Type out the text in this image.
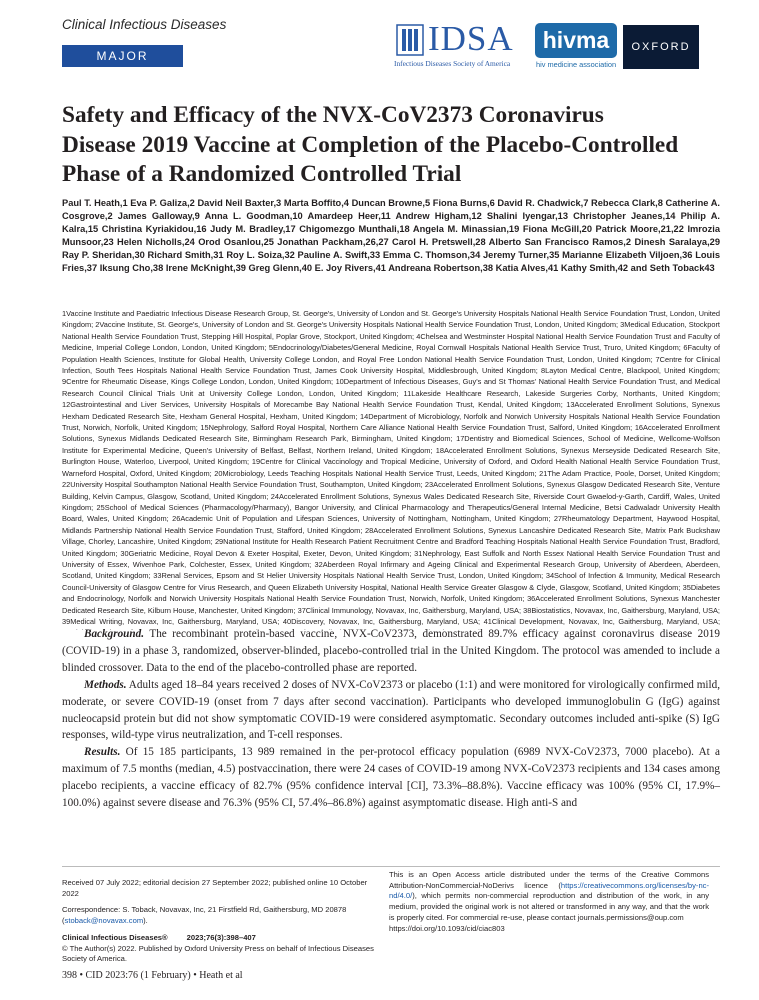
Clinical Infectious Diseases
MAJOR ARTICLE
IDSA
Infectious Diseases Society of America
hivma
hiv medicine association
OXFORD
Safety and Efficacy of the NVX-CoV2373 Coronavirus Disease 2019 Vaccine at Completion of the Placebo-Controlled Phase of a Randomized Controlled Trial
Paul T. Heath,1 Eva P. Galiza,2 David Neil Baxter,3 Marta Boffito,4 Duncan Browne,5 Fiona Burns,6 David R. Chadwick,7 Rebecca Clark,8 Catherine A. Cosgrove,2 James Galloway,9 Anna L. Goodman,10 Amardeep Heer,11 Andrew Higham,12 Shalini Iyengar,13 Christopher Jeanes,14 Philip A. Kalra,15 Christina Kyriakidou,16 Judy M. Bradley,17 Chigomezgo Munthali,18 Angela M. Minassian,19 Fiona McGill,20 Patrick Moore,21,22 Imrozia Munsoor,23 Helen Nicholls,24 Orod Osanlou,25 Jonathan Packham,26,27 Carol H. Pretswell,28 Alberto San Francisco Ramos,2 Dinesh Saralaya,29 Ray P. Sheridan,30 Richard Smith,31 Roy L. Soiza,32 Pauline A. Swift,33 Emma C. Thomson,34 Jeremy Turner,35 Marianne Elizabeth Viljoen,36 Louis Fries,37 Iksung Cho,38 Irene McKnight,39 Greg Glenn,40 E. Joy Rivers,41 Andreana Robertson,38 Katia Alves,41 Kathy Smith,42 and Seth Toback43
1Vaccine Institute and Paediatric Infectious Disease Research Group, St. George's, University of London and St. George's University Hospitals National Health Service Foundation Trust, London, United Kingdom; 2Vaccine Institute, St. George's, University of London and St. George's University Hospitals National Health Service Foundation Trust, London, United Kingdom; 3Medical Education, Stockport National Health Service Foundation Trust, Stepping Hill Hospital, Poplar Grove, Stockport, United Kingdom; 4Chelsea and Westminster Hospital National Health Service Foundation Trust and Faculty of Medicine, Imperial College London, London, United Kingdom; 5Endocrinology/Diabetes/General Medicine, Royal Cornwall Hospitals National Health Service Trust, Truro, United Kingdom; 6Faculty of Population Health Sciences, Institute for Global Health, University College London, and Royal Free London National Health Service Foundation Trust, London, United Kingdom; 7Centre for Clinical Infection, South Tees Hospitals National Health Service Foundation Trust, James Cook University Hospital, Middlesbrough, United Kingdom; 8Layton Medical Centre, Blackpool, United Kingdom; 9Centre for Rheumatic Disease, Kings College London, London, United Kingdom; 10Department of Infectious Diseases, Guy's and St Thomas' National Health Service Foundation Trust, and Medical Research Council Clinical Trials Unit at University College London, London, United Kingdom; 11Lakeside Healthcare Research, Lakeside Surgeries Corby, Northants, United Kingdom; 12Gastrointestinal and Liver Services, University Hospitals of Morecambe Bay National Health Service Foundation Trust, Kendal, United Kingdom; 13Accelerated Enrollment Solutions, Synexus Hexham Dedicated Research Site, Hexham General Hospital, Hexham, United Kingdom; 14Department of Microbiology, Norfolk and Norwich University Hospitals National Health Service Foundation Trust, Norwich, Norfolk, United Kingdom; 15Nephrology, Salford Royal Hospital, Northern Care Alliance National Health Service Foundation Trust, Salford, United Kingdom; 16Accelerated Enrollment Solutions, Synexus Midlands Dedicated Research Site, Birmingham Research Park, Birmingham, United Kingdom; 17Dentistry and Biomedical Sciences, School of Medicine, Wellcome-Wolfson Institute for Experimental Medicine, Queen's University of Belfast, Belfast, Northern Ireland, United Kingdom; 18Accelerated Enrollment Solutions, Synexus Merseyside Dedicated Research Site, Burlington House, Waterloo, Liverpool, United Kingdom; 19Centre for Clinical Vaccinology and Tropical Medicine, University of Oxford, and Oxford Health National Health Service Foundation Trust, Warneford Hospital, Oxford, United Kingdom; 20Microbiology, Leeds Teaching Hospitals National Health Service Trust, Leeds, United Kingdom; 21The Adam Practice, Poole, Dorset, United Kingdom; 22University Hospital Southampton National Health Service Foundation Trust, Southampton, United Kingdom; 23Accelerated Enrollment Solutions, Synexus Glasgow Dedicated Research Site, Venture Building, Kelvin Campus, Glasgow, Scotland, United Kingdom; 24Accelerated Enrollment Solutions, Synexus Wales Dedicated Research Site, Riverside Court Gwaelod-y-Garth, Cardiff, Wales, United Kingdom; 25School of Medical Sciences (Pharmacology/Pharmacy), Bangor University, and Clinical Pharmacology and Therapeutics/General Internal Medicine, Betsi Cadwaladr University Health Board, Wales, United Kingdom; 26Academic Unit of Population and Lifespan Sciences, University of Nottingham, Nottingham, United Kingdom; 27Rheumatology Department, Haywood Hospital, Midlands Partnership National Health Service Foundation Trust, Stafford, United Kingdom; 28Accelerated Enrollment Solutions, Synexus Lancashire Dedicated Research Site, Matrix Park Buckshaw Village, Chorley, Lancashire, United Kingdom; 29National Institute for Health Research Patient Recruitment Centre and Bradford Teaching Hospitals National Health Service Foundation Trust, Bradford, United Kingdom; 30Geriatric Medicine, Royal Devon & Exeter Hospital, Exeter, Devon, United Kingdom; 31Nephrology, East Suffolk and North Essex National Health Service Foundation Trust and University of Essex, Wivenhoe Park, Colchester, Essex, United Kingdom; 32Aberdeen Royal Infirmary and Ageing Clinical and Experimental Research Group, University of Aberdeen, Aberdeen, Scotland, United Kingdom; 33Renal Services, Epsom and St Helier University Hospitals National Health Service Trust, London, United Kingdom; 34School of Infection & Immunity, Medical Research Council-University of Glasgow Centre for Virus Research, and Queen Elizabeth University Hospital, National Health Service Greater Glasgow & Clyde, Glasgow, Scotland, United Kingdom; 35Diabetes and Endocrinology, Norfolk and Norwich University Hospitals National Health Service Foundation Trust, Norwich, Norfolk, United Kingdom; 36Accelerated Enrollment Solutions, Synexus Manchester Dedicated Research Site, Kilburn House, Manchester, United Kingdom; 37Clinical Immunology, Novavax, Inc, Gaithersburg, Maryland, USA; 38Biostatistics, Novavax, Inc, Gaithersburg, Maryland, USA; 39Medical Writing, Novavax, Inc, Gaithersburg, Maryland, USA; 40Discovery, Novavax, Inc, Gaithersburg, Maryland, USA; 41Clinical Development, Novavax, Inc, Gaithersburg, Maryland, USA;

Background. The recombinant protein-based vaccine, NVX-CoV2373, demonstrated 89.7% efficacy against coronavirus disease 2019 (COVID-19) in a phase 3, randomized, observer-blinded, placebo-controlled trial in the United Kingdom. The protocol was amended to include a blinded crossover. Data to the end of the placebo-controlled phase are reported.

Methods. Adults aged 18–84 years received 2 doses of NVX-CoV2373 or placebo (1:1) and were monitored for virologically confirmed mild, moderate, or severe COVID-19 (onset from 7 days after second vaccination). Participants who developed immunoglobulin G (IgG) against nucleocapsid protein but did not show symptomatic COVID-19 were considered asymptomatic. Secondary outcomes included anti-spike (S) IgG responses, wild-type virus neutralization, and T-cell responses.

Results. Of 15 185 participants, 13 989 remained in the per-protocol efficacy population (6989 NVX-CoV2373, 7000 placebo). At a maximum of 7.5 months (median, 4.5) postvaccination, there were 24 cases of COVID-19 among NVX-CoV2373 recipients and 134 cases among placebo recipients, a vaccine efficacy of 82.7% (95% confidence interval [CI], 73.3%–88.8%). Vaccine efficacy was 100% (95% CI, 17.9%–100.0%) against severe disease and 76.3% (95% CI, 57.4%–86.8%) against asymptomatic disease. High anti-S and

Received 07 July 2022; editorial decision 27 September 2022; published online 10 October 2022

Correspondence: S. Toback, Novavax, Inc, 21 Firstfield Rd, Gaithersburg, MD 20878 (stoback@novavax.com).

Clinical Infectious Diseases®	2023;76(3):398–407

© The Author(s) 2022. Published by Oxford University Press on behalf of Infectious Diseases Society of America.

This is an Open Access article distributed under the terms of the Creative Commons Attribution-NonCommercial-NoDerivs licence (https://creativecommons.org/licenses/by-nc-nd/4.0/), which permits non-commercial reproduction and distribution of the work, in any medium, provided the original work is not altered or transformed in any way, and that the work is properly cited. For commercial re-use, please contact journals.permissions@oup.com

https://doi.org/10.1093/cid/ciac803

398 • CID 2023:76 (1 February) • Heath et al
